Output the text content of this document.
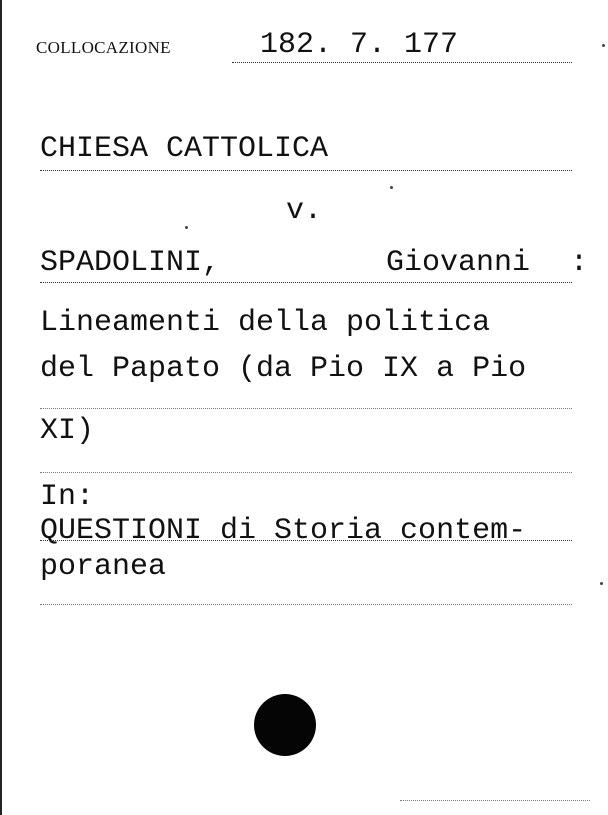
COLLOCAZIONE	182. 7. 177
CHIESA CATTOLICA
v.
SPADOLINI,	Giovanni :
Lineamenti della politica
del Papato (da Pio IX a Pio
XI)
In:
QUESTIONI di Storia contem-
poranea
